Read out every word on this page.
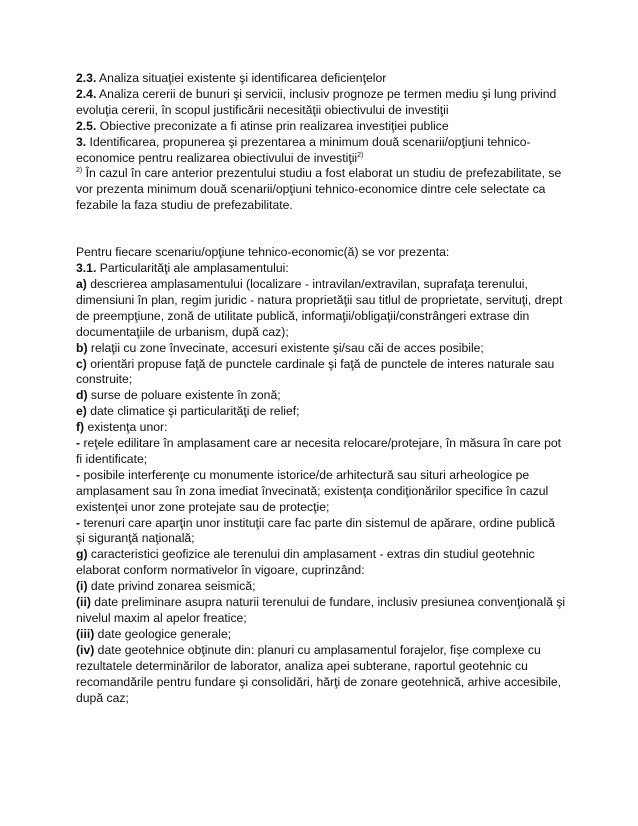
2.3. Analiza situaţiei existente şi identificarea deficienţelor

2.4. Analiza cererii de bunuri şi servicii, inclusiv prognoze pe termen mediu şi lung privind evoluţia cererii, în scopul justificării necesităţii obiectivului de investiţii

2.5. Obiective preconizate a fi atinse prin realizarea investiţiei publice

3. Identificarea, propunerea şi prezentarea a minimum două scenarii/opţiuni tehnico-economice pentru realizarea obiectivului de investiţii$^{2)}$

$^{2)}$ În cazul în care anterior prezentului studiu a fost elaborat un studiu de prefezabilitate, se vor prezenta minimum două scenarii/opţiuni tehnico-economice dintre cele selectate ca fezabile la faza studiu de prefezabilitate.

Pentru fiecare scenariu/opţiune tehnico-economic(ă) se vor prezenta:

3.1. Particularităţi ale amplasamentului:

a) descrierea amplasamentului (localizare - intravilan/extravilan, suprafaţa terenului, dimensiuni în plan, regim juridic - natura proprietăţii sau titlul de proprietate, servituţi, drept de preempţiune, zonă de utilitate publică, informaţii/obligaţii/constrângeri extrase din documentaţiile de urbanism, după caz);

b) relaţii cu zone învecinate, accesuri existente şi/sau căi de acces posibile;

c) orientări propuse faţă de punctele cardinale şi faţă de punctele de interes naturale sau construite;

d) surse de poluare existente în zonă;

e) date climatice şi particularităţi de relief;

f) existenţa unor:

- reţele edilitare în amplasament care ar necesita relocare/protejare, în măsura în care pot fi identificate;

- posibile interferenţe cu monumente istorice/de arhitectură sau situri arheologice pe amplasament sau în zona imediat învecinată; existenţa condiţionărilor specifice în cazul existenţei unor zone protejate sau de protecţie;

- terenuri care aparţin unor instituţii care fac parte din sistemul de apărare, ordine publică şi siguranţă naţională;

g) caracteristici geofizice ale terenului din amplasament - extras din studiul geotehnic elaborat conform normativelor în vigoare, cuprinzând:

(i) date privind zonarea seismică;

(ii) date preliminare asupra naturii terenului de fundare, inclusiv presiunea convenţională şi nivelul maxim al apelor freatice;

(iii) date geologice generale;

(iv) date geotehnice obţinute din: planuri cu amplasamentul forajelor, fişe complexe cu rezultatele determinărilor de laborator, analiza apei subterane, raportul geotehnic cu recomandările pentru fundare şi consolidări, hărţi de zonare geotehnică, arhive accesibile, după caz;
